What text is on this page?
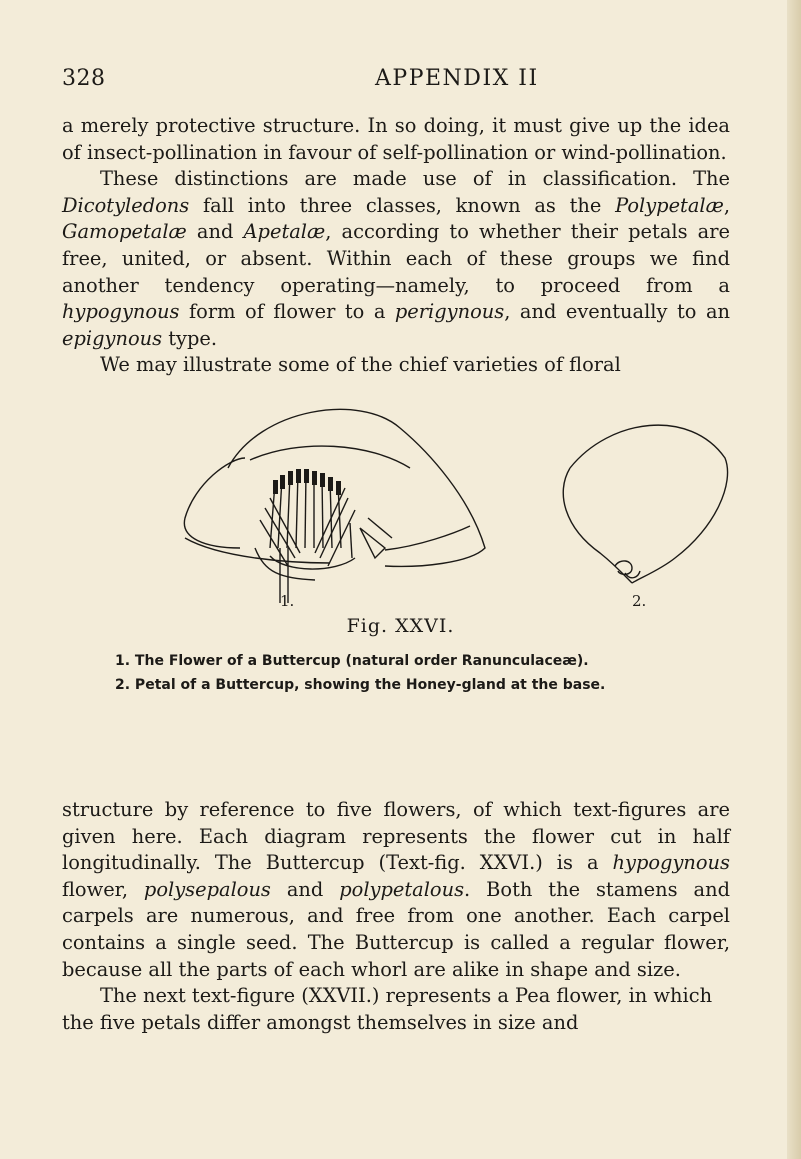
328	APPENDIX II

a merely protective structure. In so doing, it must give up the idea of insect-pollination in favour of self-pollination or wind-pollination.

These distinctions are made use of in classification. The Dicotyledons fall into three classes, known as the Polypetalæ, Gamopetalæ and Apetalæ, according to whether their petals are free, united, or absent. Within each of these groups we find another tendency operating—namely, to proceed from a hypogynous form of flower to a perigynous, and eventually to an epigynous type.

We may illustrate some of the chief varieties of floral

1.	2.
Fig. XXVI.
1. The Flower of a Buttercup (natural order Ranunculaceæ).
2. Petal of a Buttercup, showing the Honey-gland at the base.

structure by reference to five flowers, of which text-figures are given here. Each diagram represents the flower cut in half longitudinally. The Buttercup (Text-fig. XXVI.) is a hypogynous flower, polysepalous and polypetalous. Both the stamens and carpels are numerous, and free from one another. Each carpel contains a single seed. The Buttercup is called a regular flower, because all the parts of each whorl are alike in shape and size.

The next text-figure (XXVII.) represents a Pea flower, in which the five petals differ amongst themselves in size and
